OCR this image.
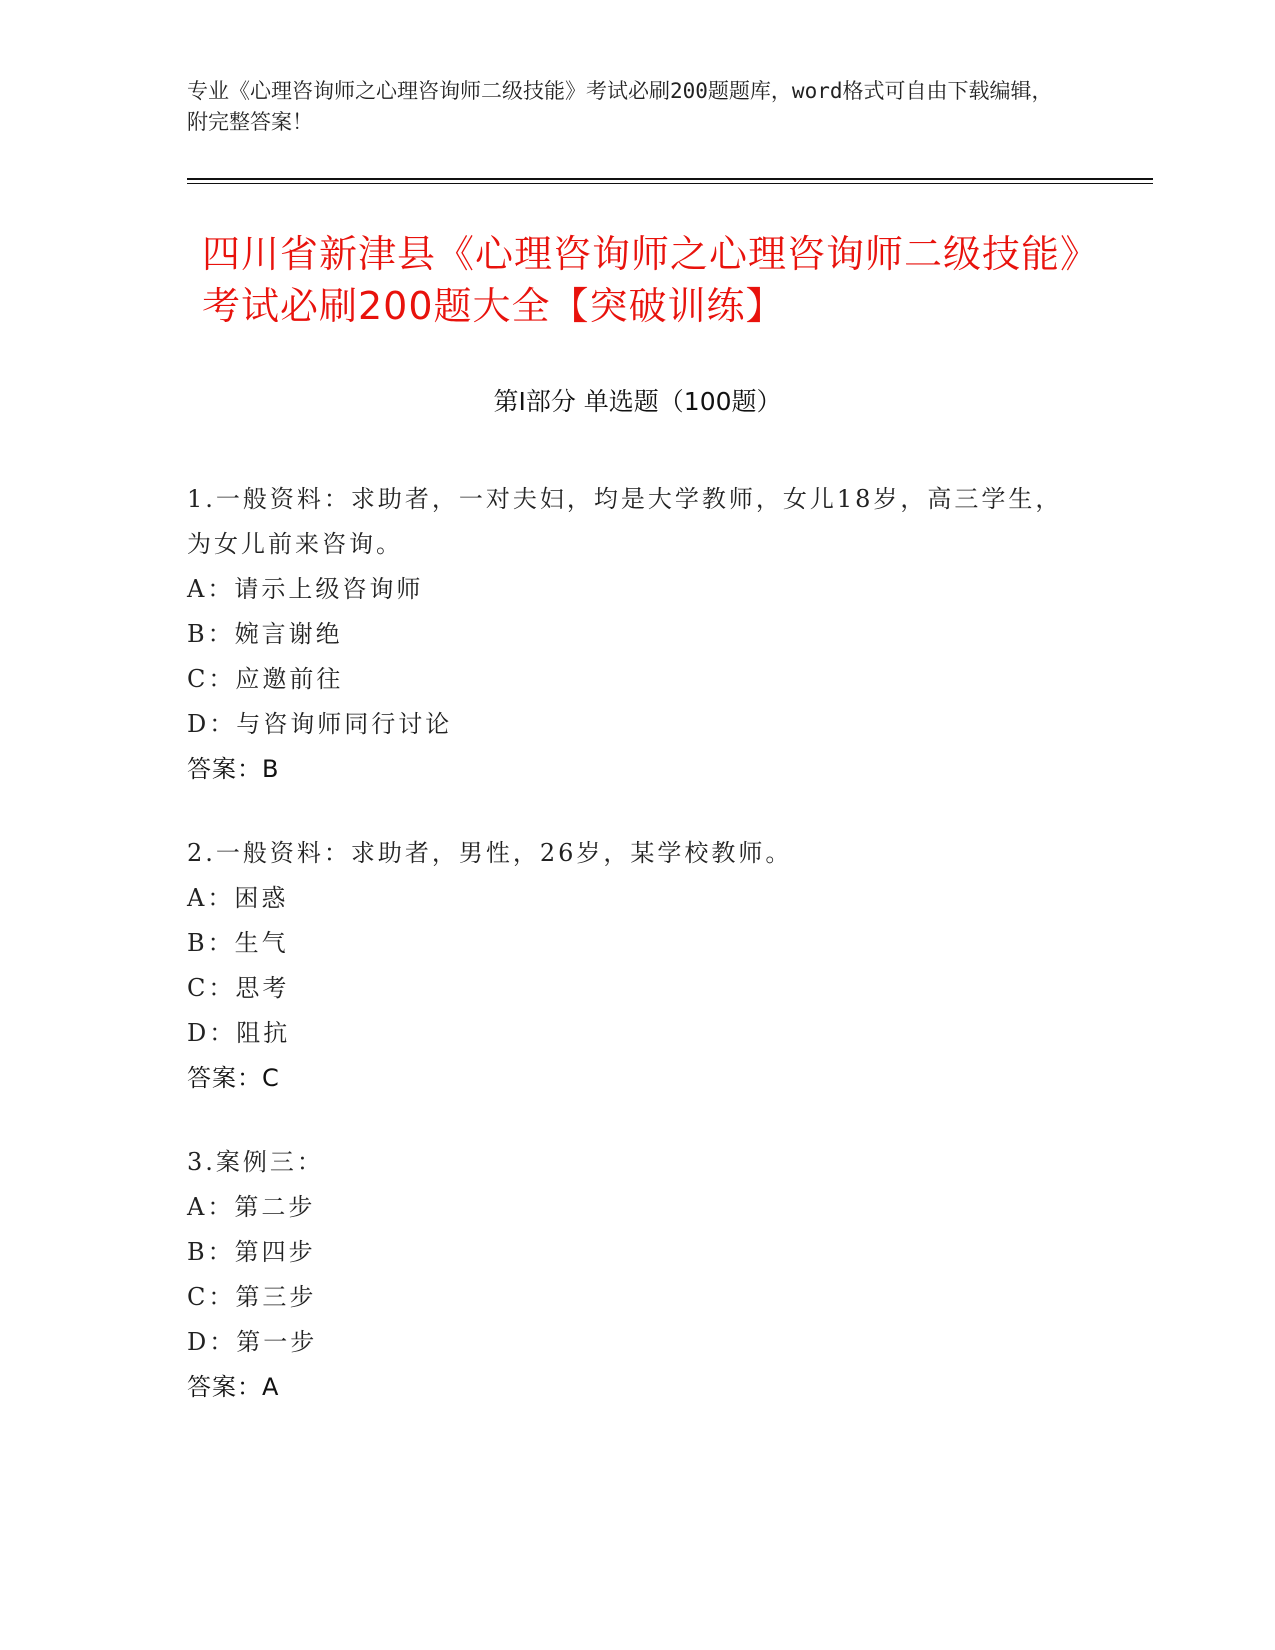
专业《心理咨询师之心理咨询师二级技能》考试必刷200题题库，word格式可自由下载编辑，附完整答案！
四川省新津县《心理咨询师之心理咨询师二级技能》考试必刷200题大全【突破训练】
第I部分 单选题（100题）
1.一般资料：求助者，一对夫妇，均是大学教师，女儿18岁，高三学生，为女儿前来咨询。
A：请示上级咨询师
B：婉言谢绝
C：应邀前往
D：与咨询师同行讨论
答案：B
2.一般资料：求助者，男性，26岁，某学校教师。
A：困惑
B：生气
C：思考
D：阻抗
答案：C
3.案例三：
A：第二步
B：第四步
C：第三步
D：第一步
答案：A
